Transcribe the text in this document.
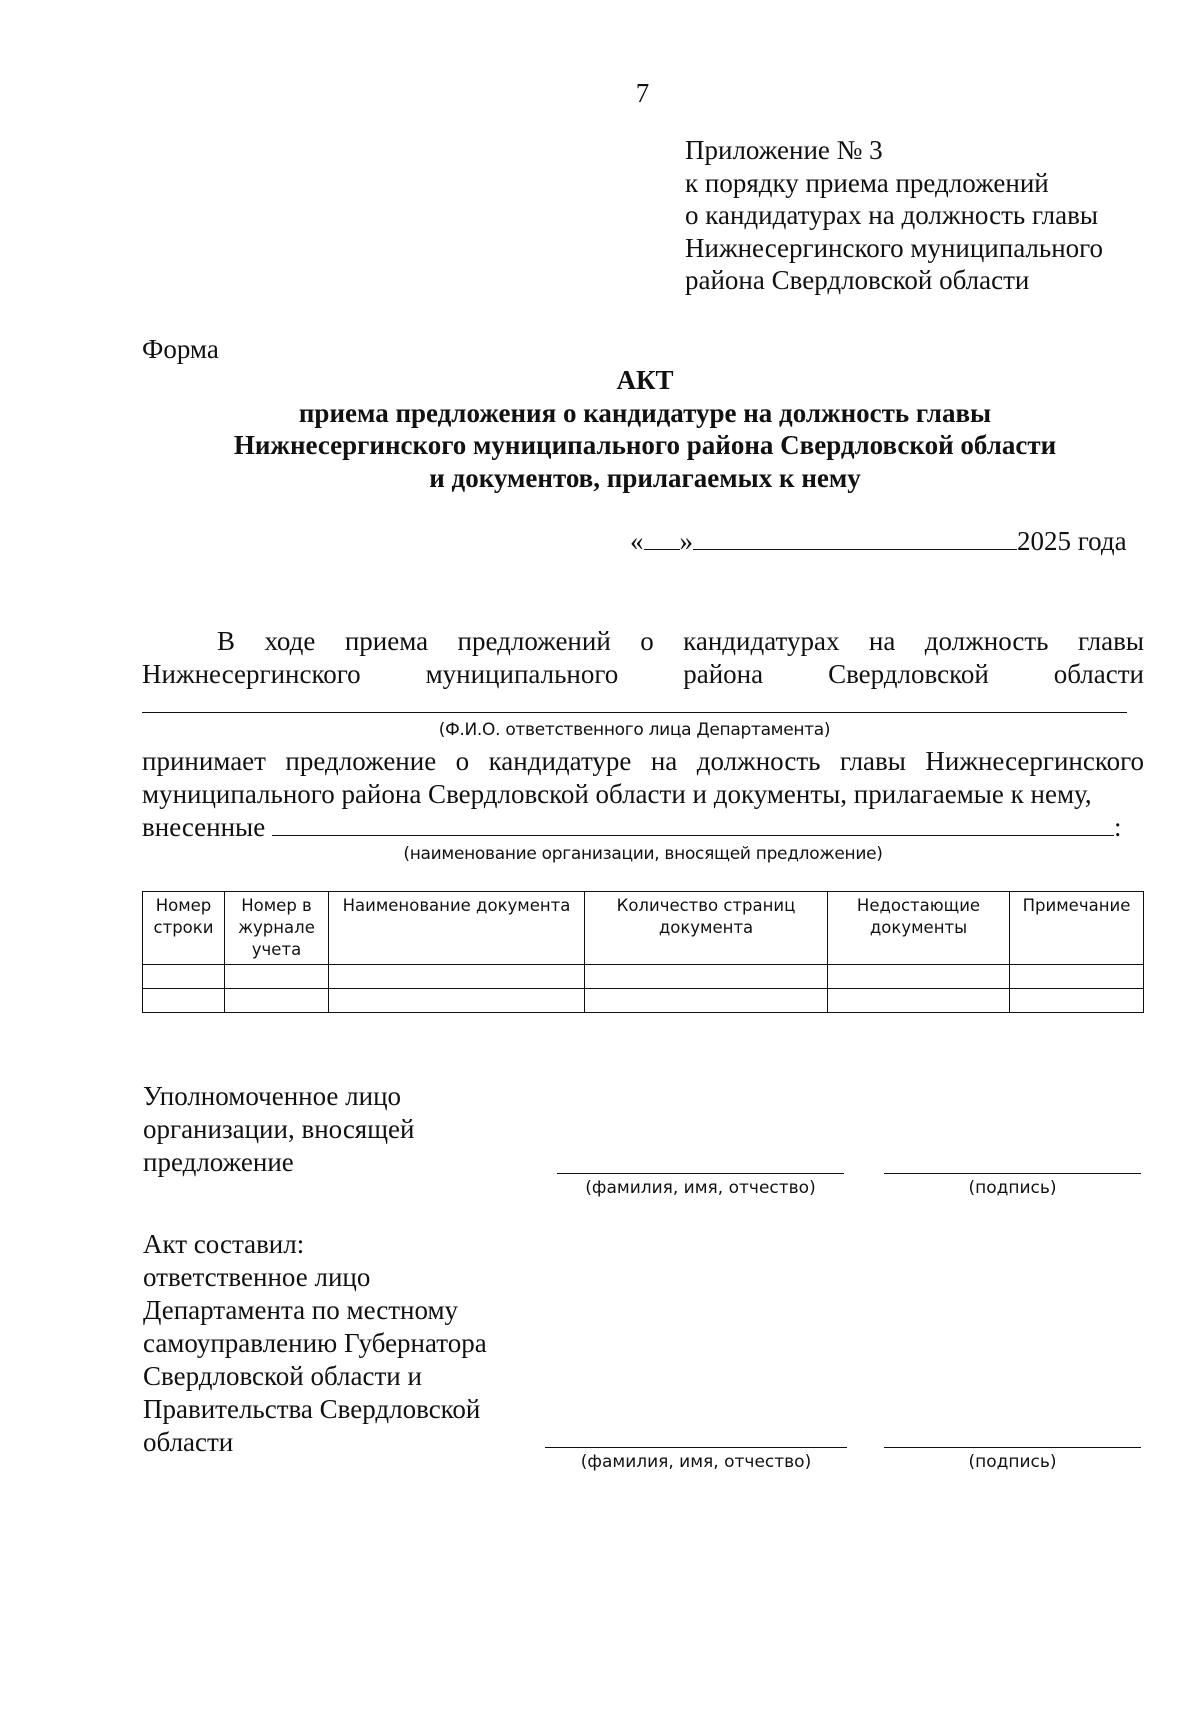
7
Приложение № 3
к порядку приема предложений
о кандидатурах на должность главы
Нижнесергинского муниципального
района Свердловской области
Форма
АКТ
приема предложения о кандидатуре на должность главы
Нижнесергинского муниципального района Свердловской области
и документов, прилагаемых к нему
« »	2025 года
В ходе приема предложений о кандидатурах на должность главы
Нижнесергинского муниципального района Свердловской области
(Ф.И.О. ответственного лица Департамента)
принимает предложение о кандидатуре на должность главы Нижнесергинского муниципального района Свердловской области и документы, прилагаемые к нему,
внесенные	:
(наименование организации, вносящей предложение)
Номер строки	Номер в журнале учета	Наименование документа	Количество страниц документа	Недостающие документы	Примечание

Уполномоченное лицо
организации, вносящей
предложение
(фамилия, имя, отчество)	(подпись)
Акт составил:
ответственное лицо
Департамента по местному
самоуправлению Губернатора
Свердловской области и
Правительства Свердловской
области
(фамилия, имя, отчество)	(подпись)
